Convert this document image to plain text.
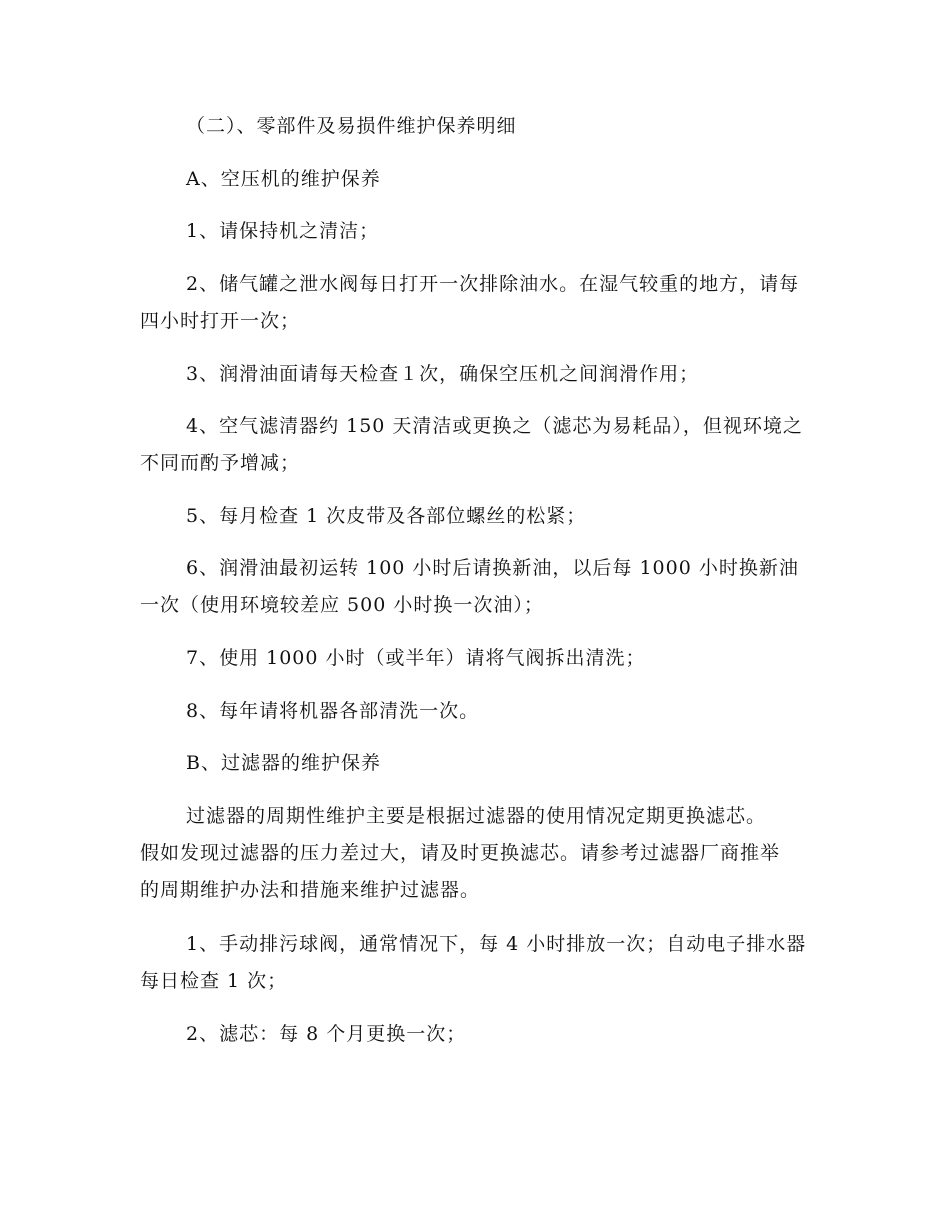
（二）、零部件及易损件维护保养明细

A、空压机的维护保养

1、请保持机之清洁；

2、储气罐之泄水阀每日打开一次排除油水。在湿气较重的地方，请每四小时打开一次；

3、润滑油面请每天检查１次，确保空压机之间润滑作用；

4、空气滤清器约 150 天清洁或更换之（滤芯为易耗品），但视环境之不同而酌予增减；

5、每月检查 1 次皮带及各部位螺丝的松紧；

6、润滑油最初运转 100 小时后请换新油，以后每 1000 小时换新油一次（使用环境较差应 500 小时换一次油）；

7、使用 1000 小时（或半年）请将气阀拆出清洗；

8、每年请将机器各部清洗一次。

B、过滤器的维护保养

过滤器的周期性维护主要是根据过滤器的使用情况定期更换滤芯。假如发现过滤器的压力差过大，请及时更换滤芯。请参考过滤器厂商推举的周期维护办法和措施来维护过滤器。

1、手动排污球阀，通常情况下，每 4 小时排放一次；自动电子排水器每日检查 1 次；

2、滤芯：每 8 个月更换一次；
